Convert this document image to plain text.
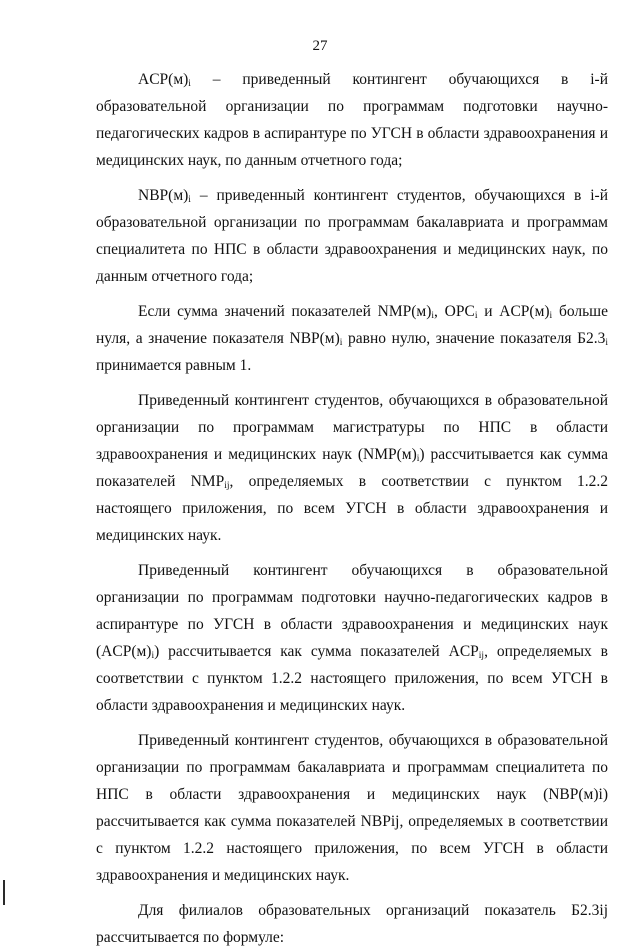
27

$ACP(м)_i$ – приведенный контингент обучающихся в i-й образовательной организации по программам подготовки научно-педагогических кадров в аспирантуре по УГСН в области здравоохранения и медицинских наук, по данным отчетного года;

$NBP(м)_i$ – приведенный контингент студентов, обучающихся в i-й образовательной организации по программам бакалавриата и программам специалитета по НПС в области здравоохранения и медицинских наук, по данным отчетного года;

Если сумма значений показателей $NMP(м)_i$, $OPC_i$ и $ACP(м)_i$ больше нуля, а значение показателя $NBP(м)_i$ равно нулю, значение показателя $Б2.3_i$ принимается равным 1.

Приведенный контингент студентов, обучающихся в образовательной организации по программам магистратуры по НПС в области здравоохранения и медицинских наук $(NMP(м)_i)$ рассчитывается как сумма показателей $NMP_{ij}$, определяемых в соответствии с пунктом 1.2.2 настоящего приложения, по всем УГСН в области здравоохранения и медицинских наук.

Приведенный контингент обучающихся в образовательной организации по программам подготовки научно-педагогических кадров в аспирантуре по УГСН в области здравоохранения и медицинских наук $(ACP(м)_i)$ рассчитывается как сумма показателей $ACP_{ij}$, определяемых в соответствии с пунктом 1.2.2 настоящего приложения, по всем УГСН в области здравоохранения и медицинских наук.

Приведенный контингент студентов, обучающихся в образовательной организации по программам бакалавриата и программам специалитета по НПС в области здравоохранения и медицинских наук (NBP(м)i) рассчитывается как сумма показателей NBPij, определяемых в соответствии с пунктом 1.2.2 настоящего приложения, по всем УГСН в области здравоохранения и медицинских наук.

Для филиалов образовательных организаций показатель Б2.3ij рассчитывается по формуле:
